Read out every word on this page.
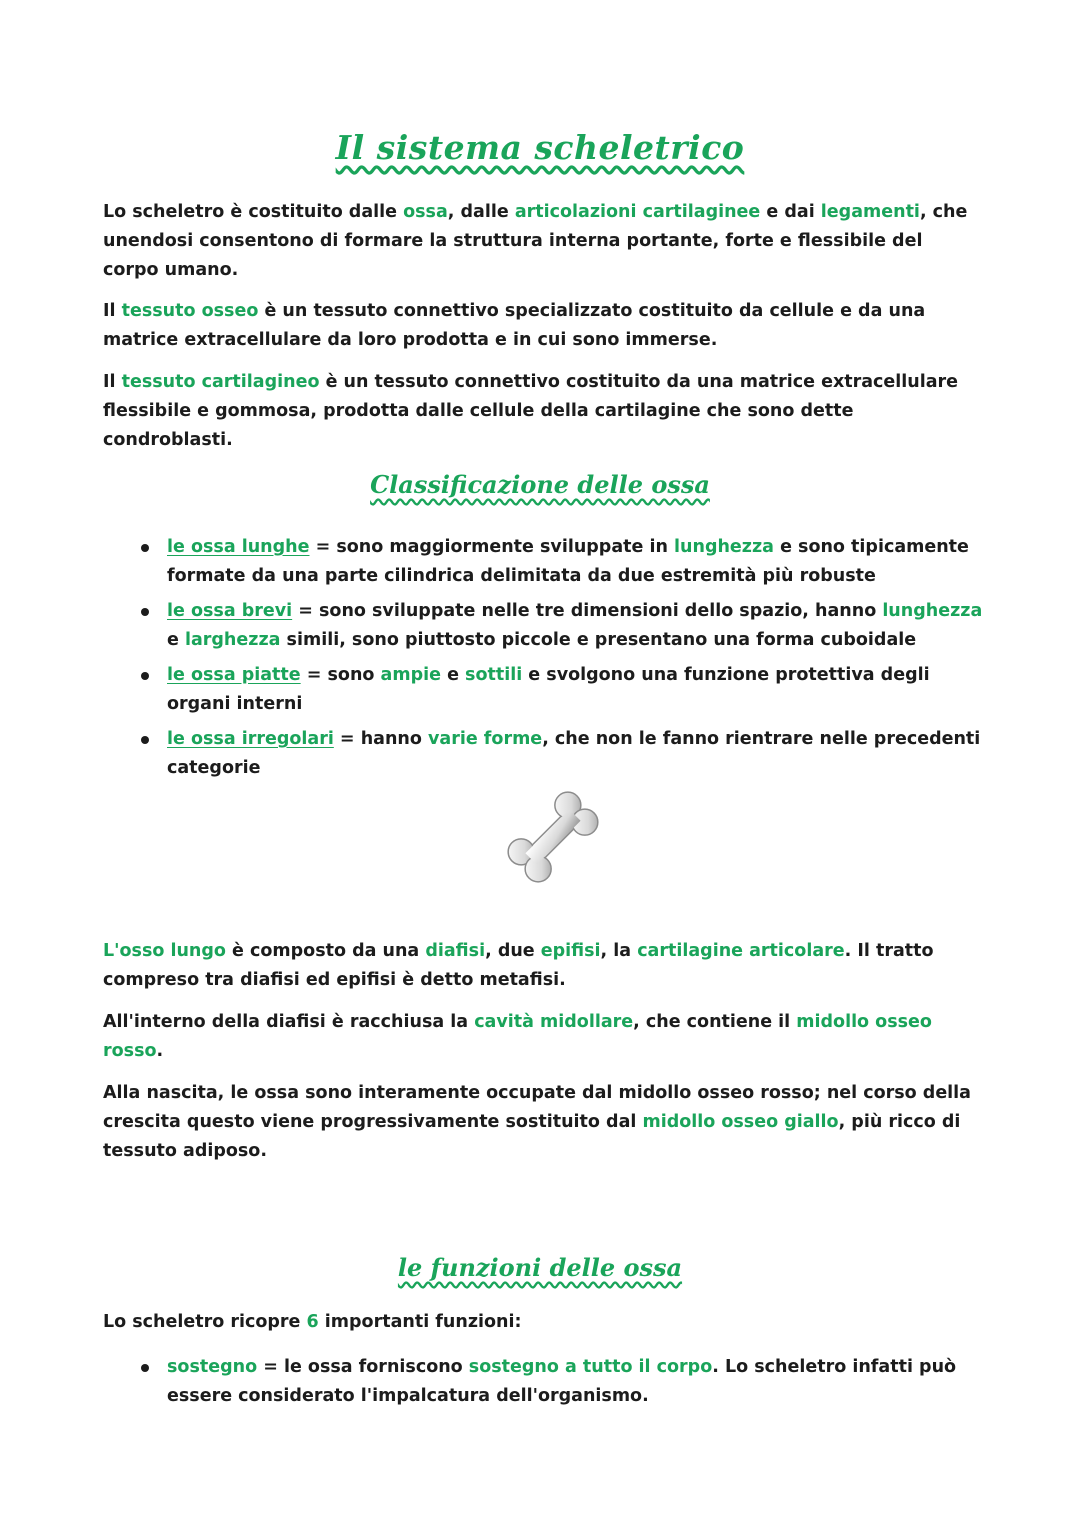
Il sistema scheletrico
Lo scheletro è costituito dalle ossa, dalle articolazioni cartilaginee e dai legamenti, che unendosi consentono di formare la struttura interna portante, forte e flessibile del corpo umano.
Il tessuto osseo è un tessuto connettivo specializzato costituito da cellule e da una matrice extracellulare da loro prodotta e in cui sono immerse.
Il tessuto cartilagineo è un tessuto connettivo costituito da una matrice extracellulare flessibile e gommosa, prodotta dalle cellule della cartilagine che sono dette condroblasti.
Classificazione delle ossa
le ossa lunghe = sono maggiormente sviluppate in lunghezza e sono tipicamente formate da una parte cilindrica delimitata da due estremità più robuste
le ossa brevi = sono sviluppate nelle tre dimensioni dello spazio, hanno lunghezza e larghezza simili, sono piuttosto piccole e presentano una forma cuboidale
le ossa piatte = sono ampie e sottili e svolgono una funzione protettiva degli organi interni
le ossa irregolari = hanno varie forme, che non le fanno rientrare nelle precedenti categorie
L'osso lungo è composto da una diafisi, due epifisi, la cartilagine articolare. Il tratto compreso tra diafisi ed epifisi è detto metafisi.
All'interno della diafisi è racchiusa la cavità midollare, che contiene il midollo osseo rosso.
Alla nascita, le ossa sono interamente occupate dal midollo osseo rosso; nel corso della crescita questo viene progressivamente sostituito dal midollo osseo giallo, più ricco di tessuto adiposo.
le funzioni delle ossa
Lo scheletro ricopre 6 importanti funzioni:
sostegno = le ossa forniscono sostegno a tutto il corpo. Lo scheletro infatti può essere considerato l'impalcatura dell'organismo.
